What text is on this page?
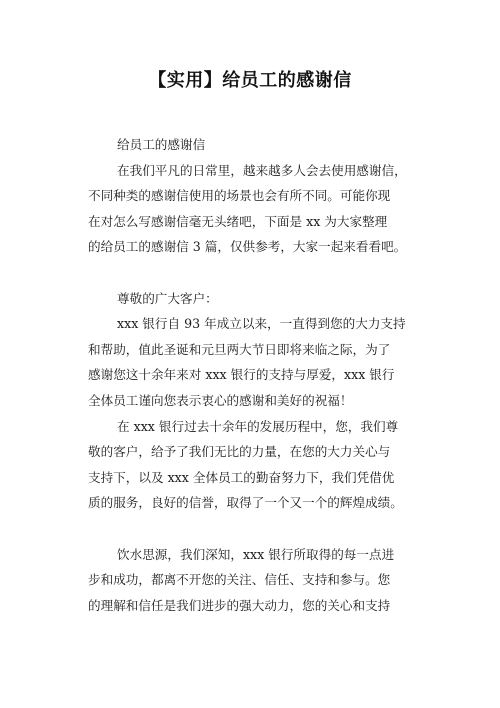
【实用】给员工的感谢信
给员工的感谢信
在我们平凡的日常里，越来越多人会去使用感谢信，
不同种类的感谢信使用的场景也会有所不同。可能你现
在对怎么写感谢信毫无头绪吧，下面是 xx 为大家整理
的给员工的感谢信 3 篇，仅供参考，大家一起来看看吧。
尊敬的广大客户：
xxx 银行自 93 年成立以来，一直得到您的大力支持
和帮助，值此圣诞和元旦两大节日即将来临之际，为了
感谢您这十余年来对 xxx 银行的支持与厚爱，xxx 银行
全体员工谨向您表示衷心的感谢和美好的祝福！
在 xxx 银行过去十余年的发展历程中，您，我们尊
敬的客户，给予了我们无比的力量，在您的大力关心与
支持下，以及 xxx 全体员工的勤奋努力下，我们凭借优
质的服务，良好的信誉，取得了一个又一个的辉煌成绩。
饮水思源，我们深知，xxx 银行所取得的每一点进
步和成功，都离不开您的关注、信任、支持和参与。您
的理解和信任是我们进步的强大动力，您的关心和支持
